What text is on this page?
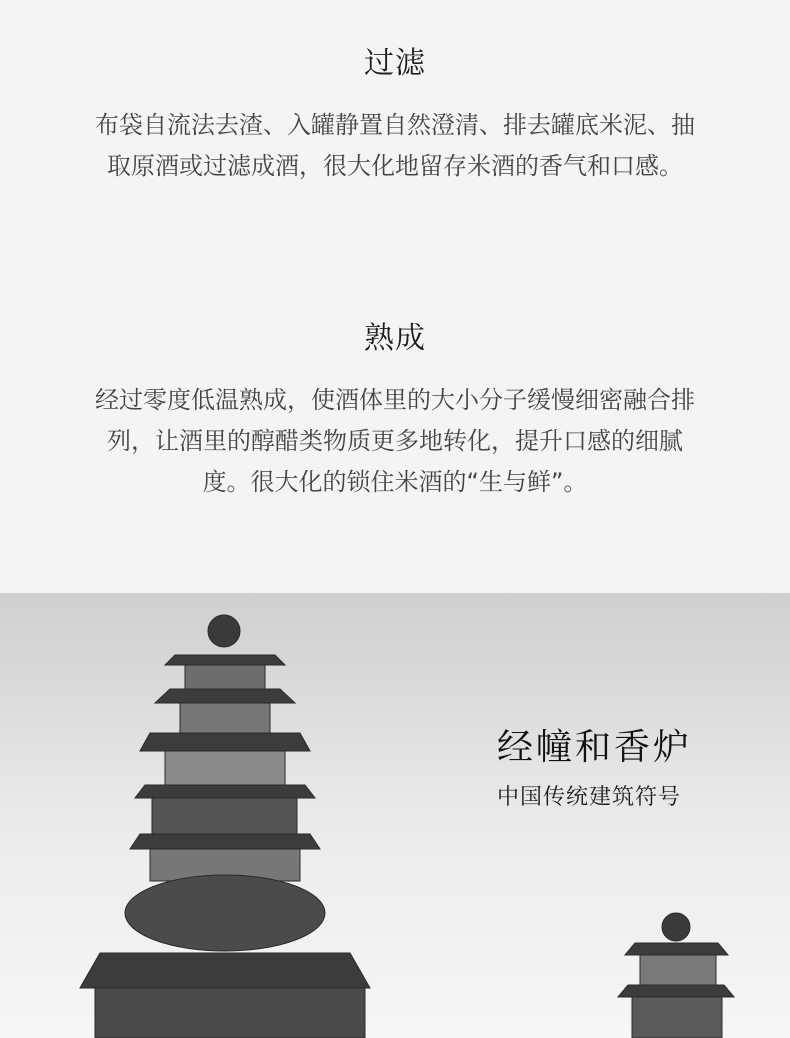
过滤
布袋自流法去渣、入罐静置自然澄清、排去罐底米泥、抽取原酒或过滤成酒，很大化地留存米酒的香气和口感。
熟成
经过零度低温熟成，使酒体里的大小分子缓慢细密融合排列，让酒里的醇醋类物质更多地转化，提升口感的细腻度。很大化的锁住米酒的“生与鲜”。
经幢和香炉
中国传统建筑符号
